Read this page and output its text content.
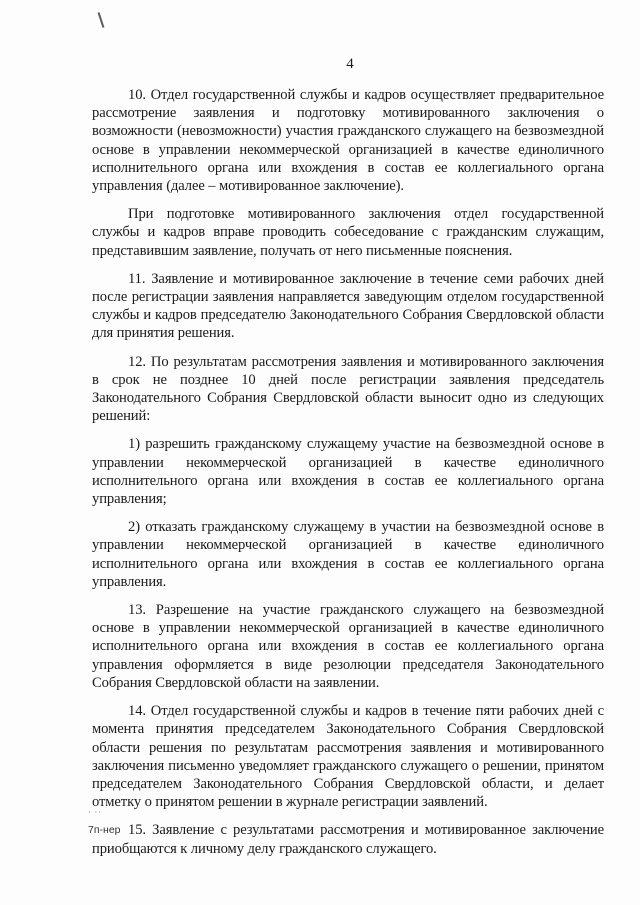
4

10. Отдел государственной службы и кадров осуществляет предварительное рассмотрение заявления и подготовку мотивированного заключения о возможности (невозможности) участия гражданского служащего на безвозмездной основе в управлении некоммерческой организацией в качестве единоличного исполнительного органа или вхождения в состав ее коллегиального органа управления (далее – мотивированное заключение).

При подготовке мотивированного заключения отдел государственной службы и кадров вправе проводить собеседование с гражданским служащим, представившим заявление, получать от него письменные пояснения.

11. Заявление и мотивированное заключение в течение семи рабочих дней после регистрации заявления направляется заведующим отделом государственной службы и кадров председателю Законодательного Собрания Свердловской области для принятия решения.

12. По результатам рассмотрения заявления и мотивированного заключения в срок не позднее 10 дней после регистрации заявления председатель Законодательного Собрания Свердловской области выносит одно из следующих решений:

1) разрешить гражданскому служащему участие на безвозмездной основе в управлении некоммерческой организацией в качестве единоличного исполнительного органа или вхождения в состав ее коллегиального органа управления;

2) отказать гражданскому служащему в участии на безвозмездной основе в управлении некоммерческой организацией в качестве единоличного исполнительного органа или вхождения в состав ее коллегиального органа управления.

13. Разрешение на участие гражданского служащего на безвозмездной основе в управлении некоммерческой организацией в качестве единоличного исполнительного органа или вхождения в состав ее коллегиального органа управления оформляется в виде резолюции председателя Законодательного Собрания Свердловской области на заявлении.

14. Отдел государственной службы и кадров в течение пяти рабочих дней с момента принятия председателем Законодательного Собрания Свердловской области решения по результатам рассмотрения заявления и мотивированного заключения письменно уведомляет гражданского служащего о решении, принятом председателем Законодательного Собрания Свердловской области, и делает отметку о принятом решении в журнале регистрации заявлений.

15. Заявление с результатами рассмотрения и мотивированное заключение приобщаются к личному делу гражданского служащего.

· ··
7п-нер
